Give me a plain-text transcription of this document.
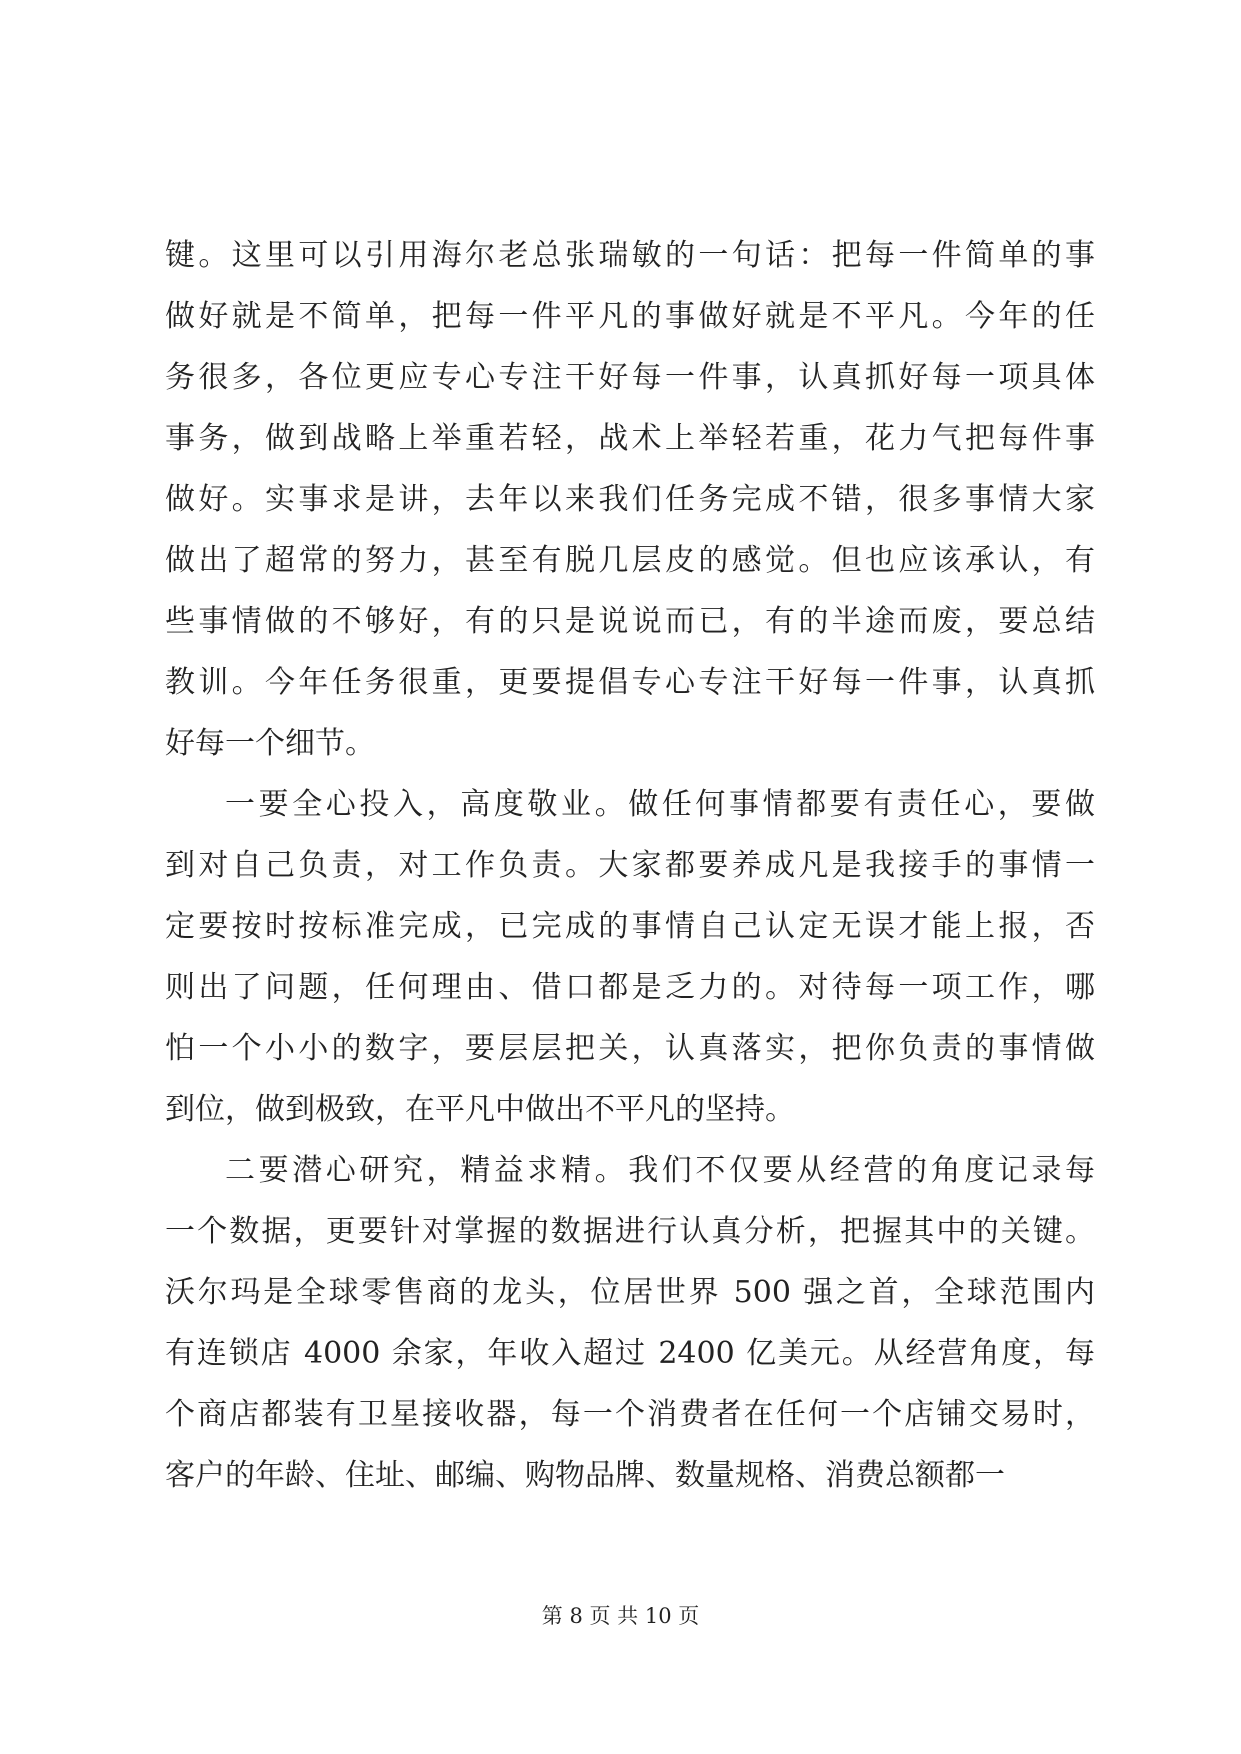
键。这里可以引用海尔老总张瑞敏的一句话：把每一件简单的事
做好就是不简单，把每一件平凡的事做好就是不平凡。今年的任
务很多，各位更应专心专注干好每一件事，认真抓好每一项具体
事务，做到战略上举重若轻，战术上举轻若重，花力气把每件事
做好。实事求是讲，去年以来我们任务完成不错，很多事情大家
做出了超常的努力，甚至有脱几层皮的感觉。但也应该承认，有
些事情做的不够好，有的只是说说而已，有的半途而废，要总结
教训。今年任务很重，更要提倡专心专注干好每一件事，认真抓
好每一个细节。
一要全心投入，高度敬业。做任何事情都要有责任心，要做
到对自己负责，对工作负责。大家都要养成凡是我接手的事情一
定要按时按标准完成，已完成的事情自己认定无误才能上报，否
则出了问题，任何理由、借口都是乏力的。对待每一项工作，哪
怕一个小小的数字，要层层把关，认真落实，把你负责的事情做
到位，做到极致，在平凡中做出不平凡的坚持。
二要潜心研究，精益求精。我们不仅要从经营的角度记录每
一个数据，更要针对掌握的数据进行认真分析，把握其中的关键。
沃尔玛是全球零售商的龙头，位居世界 500 强之首，全球范围内
有连锁店 4000 余家，年收入超过 2400 亿美元。从经营角度，每
个商店都装有卫星接收器，每一个消费者在任何一个店铺交易时，
客户的年龄、住址、邮编、购物品牌、数量规格、消费总额都一
第 8 页 共 10 页
